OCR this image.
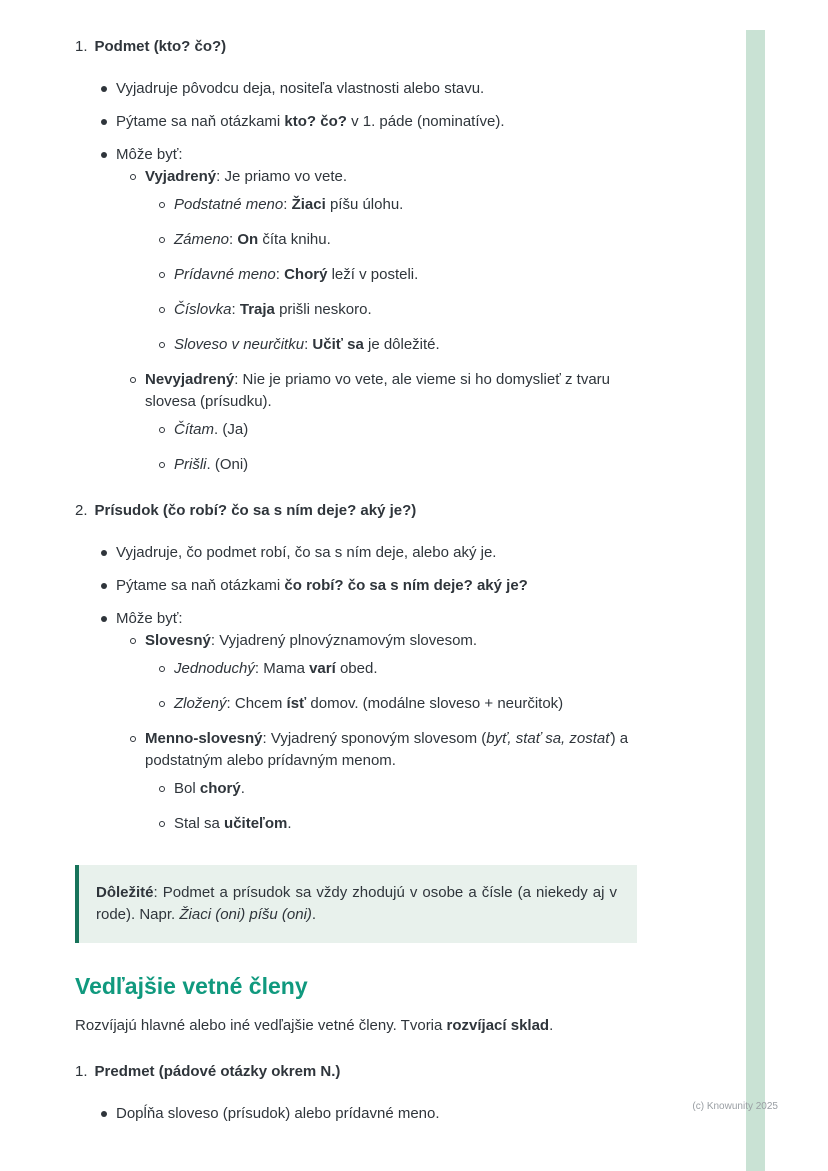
1. Podmet (kto? čo?)
Vyjadruje pôvodcu deja, nositeľa vlastnosti alebo stavu.
Pýtame sa naň otázkami kto? čo? v 1. páde (nominatíve).
Môže byť:
Vyjadrený: Je priamo vo vete.
Podstatné meno: Žiaci píšu úlohu.
Zámeno: On číta knihu.
Prídavné meno: Chorý leží v posteli.
Číslovka: Traja prišli neskoro.
Sloveso v neurčitku: Učiť sa je dôležité.
Nevyjadrený: Nie je priamo vo vete, ale vieme si ho domyslieť z tvaru slovesa (prísudku).
Čítam. (Ja)
Prišli. (Oni)
2. Prísudok (čo robí? čo sa s ním deje? aký je?)
Vyjadruje, čo podmet robí, čo sa s ním deje, alebo aký je.
Pýtame sa naň otázkami čo robí? čo sa s ním deje? aký je?
Môže byť:
Slovesný: Vyjadrený plnovýznamovým slovesom.
Jednoduchý: Mama varí obed.
Zložený: Chcem ísť domov. (modálne sloveso + neurčitok)
Menno-slovesný: Vyjadrený sponovým slovesom (byť, stať sa, zostať) a podstatným alebo prídavným menom.
Bol chorý.
Stal sa učiteľom.
Dôležité: Podmet a prísudok sa vždy zhodujú v osobe a čísle (a niekedy aj v rode). Napr. Žiaci (oni) píšu (oni).
Vedľajšie vetné členy
Rozvíjajú hlavné alebo iné vedľajšie vetné členy. Tvoria rozvíjací sklad.
1. Predmet (pádové otázky okrem N.)
Dopĺňa sloveso (prísudok) alebo prídavné meno.	(c) Knowunity 2025
